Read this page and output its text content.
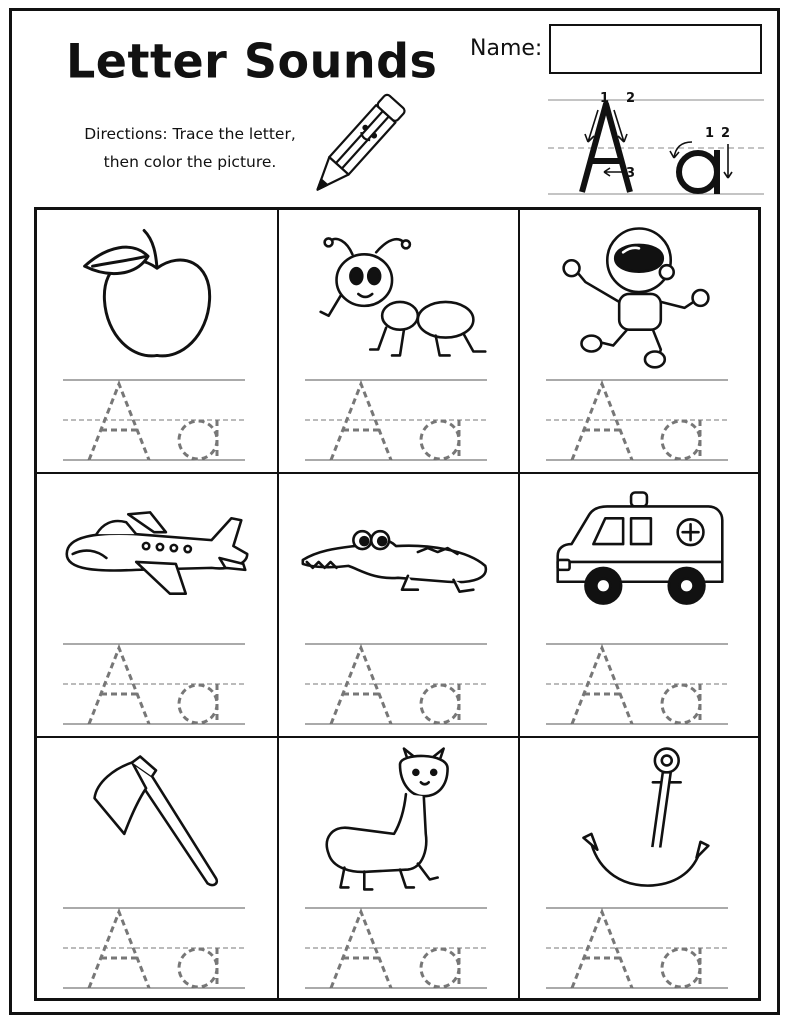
Letter Sounds
Directions: Trace the letter,
then color the picture.
Name:
1 2
3
1 2
